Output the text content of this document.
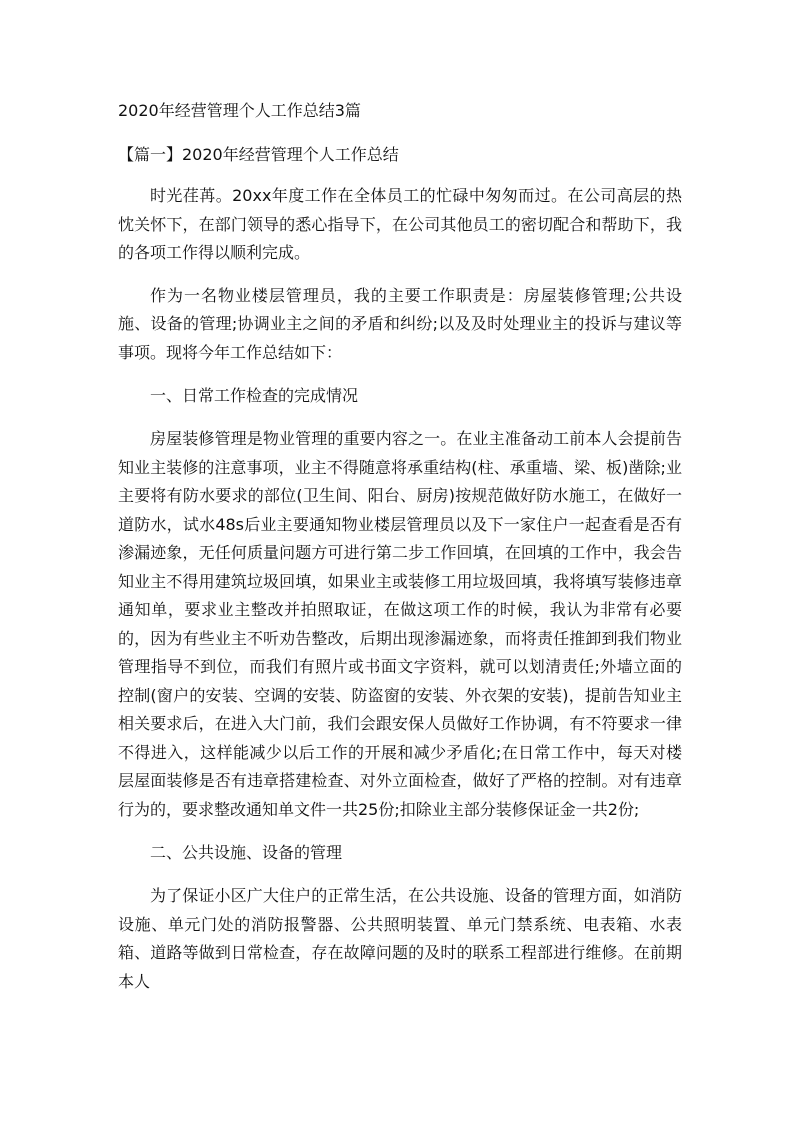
2020年经营管理个人工作总结3篇
【篇一】2020年经营管理个人工作总结

时光荏苒。20xx年度工作在全体员工的忙碌中匆匆而过。在公司高层的热忱关怀下，在部门领导的悉心指导下，在公司其他员工的密切配合和帮助下，我的各项工作得以顺利完成。

作为一名物业楼层管理员，我的主要工作职责是：房屋装修管理;公共设施、设备的管理;协调业主之间的矛盾和纠纷;以及及时处理业主的投诉与建议等事项。现将今年工作总结如下：

一、日常工作检查的完成情况

房屋装修管理是物业管理的重要内容之一。在业主准备动工前本人会提前告知业主装修的注意事项，业主不得随意将承重结构(柱、承重墙、梁、板)凿除;业主要将有防水要求的部位(卫生间、阳台、厨房)按规范做好防水施工，在做好一道防水，试水48s后业主要通知物业楼层管理员以及下一家住户一起查看是否有渗漏迹象，无任何质量问题方可进行第二步工作回填，在回填的工作中，我会告知业主不得用建筑垃圾回填，如果业主或装修工用垃圾回填，我将填写装修违章通知单，要求业主整改并拍照取证，在做这项工作的时候，我认为非常有必要的，因为有些业主不听劝告整改，后期出现渗漏迹象，而将责任推卸到我们物业管理指导不到位，而我们有照片或书面文字资料，就可以划清责任;外墙立面的控制(窗户的安装、空调的安装、防盗窗的安装、外衣架的安装)，提前告知业主相关要求后，在进入大门前，我们会跟安保人员做好工作协调，有不符要求一律不得进入，这样能减少以后工作的开展和减少矛盾化;在日常工作中，每天对楼层屋面装修是否有违章搭建检查、对外立面检查，做好了严格的控制。对有违章行为的，要求整改通知单文件一共25份;扣除业主部分装修保证金一共2份;

二、公共设施、设备的管理

为了保证小区广大住户的正常生活，在公共设施、设备的管理方面，如消防设施、单元门处的消防报警器、公共照明装置、单元门禁系统、电表箱、水表箱、道路等做到日常检查，存在故障问题的及时的联系工程部进行维修。在前期本人
